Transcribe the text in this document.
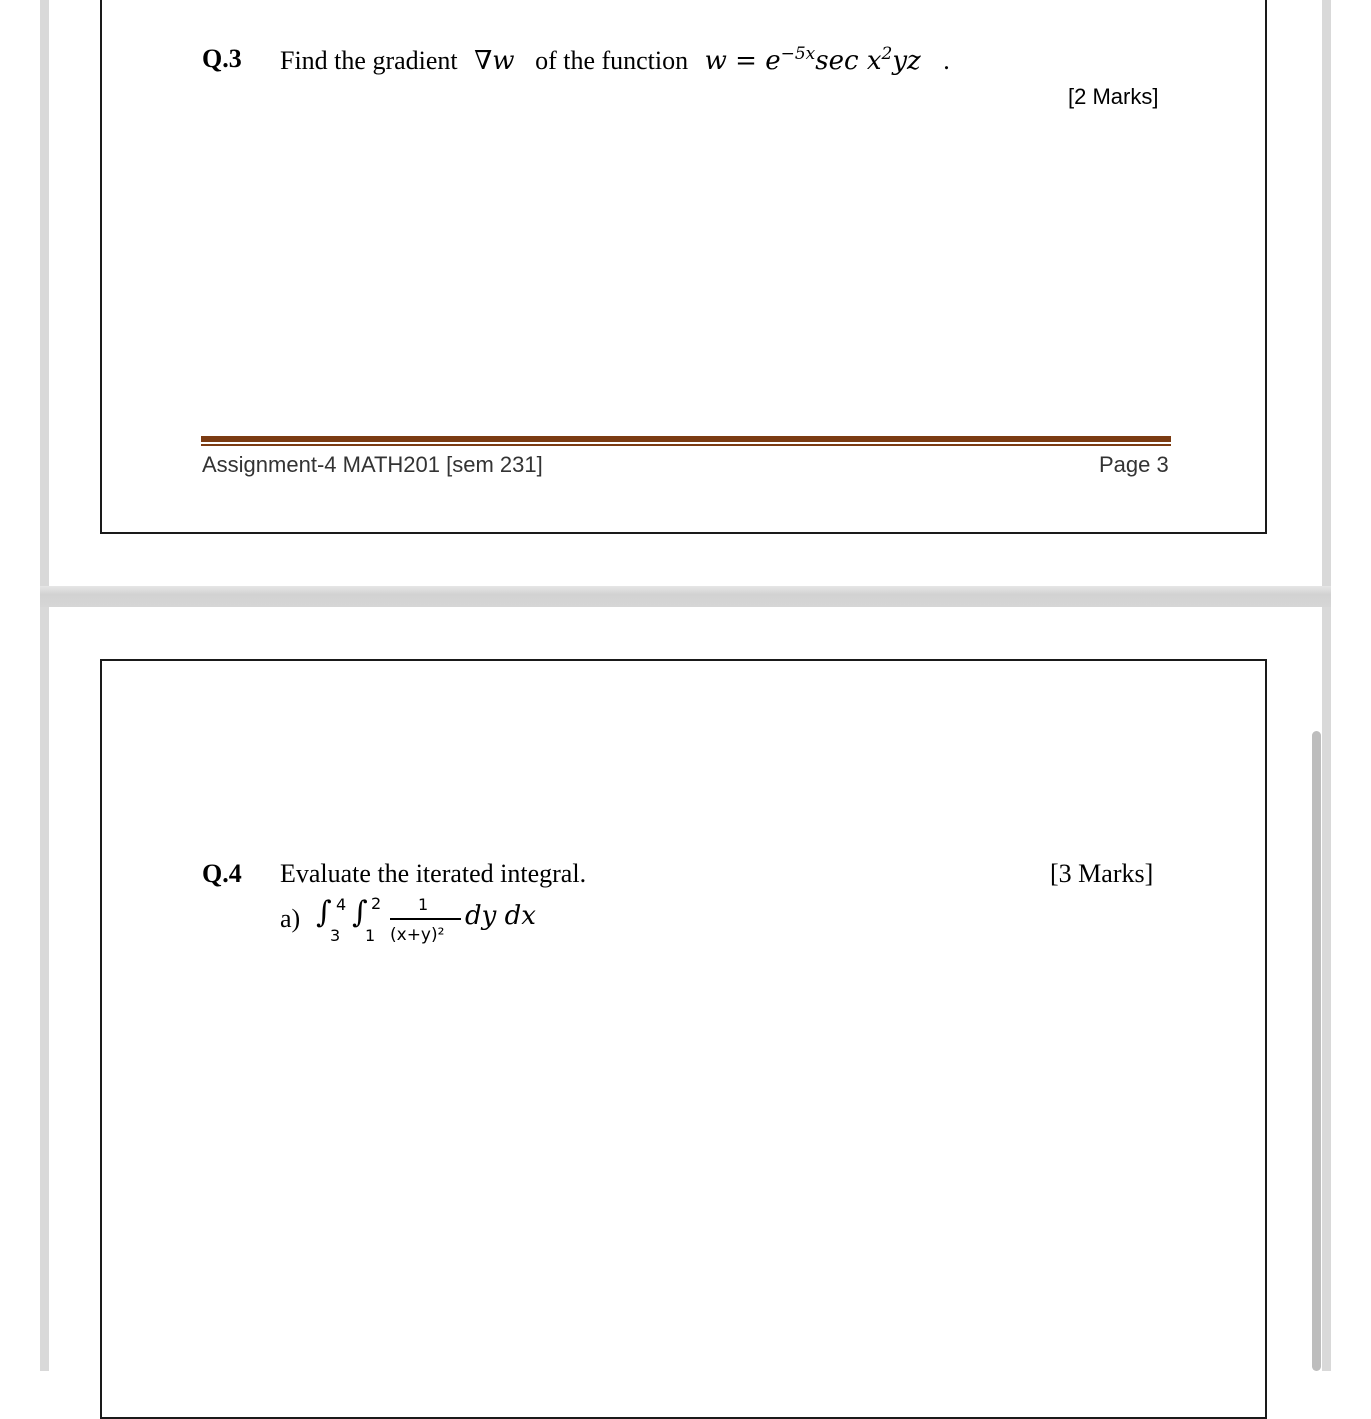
Q.3 Find the gradient ∇w of the function $w = e^{-5x}\sec$ $x^2yz$ .
[2 Marks]
Assignment-4 MATH201 [sem 231]	Page 3
Q.4 Evaluate the iterated integral.	[3 Marks]
a) ∫ 4
3
∫ 2
1
1
(x+y)²
dy dx
